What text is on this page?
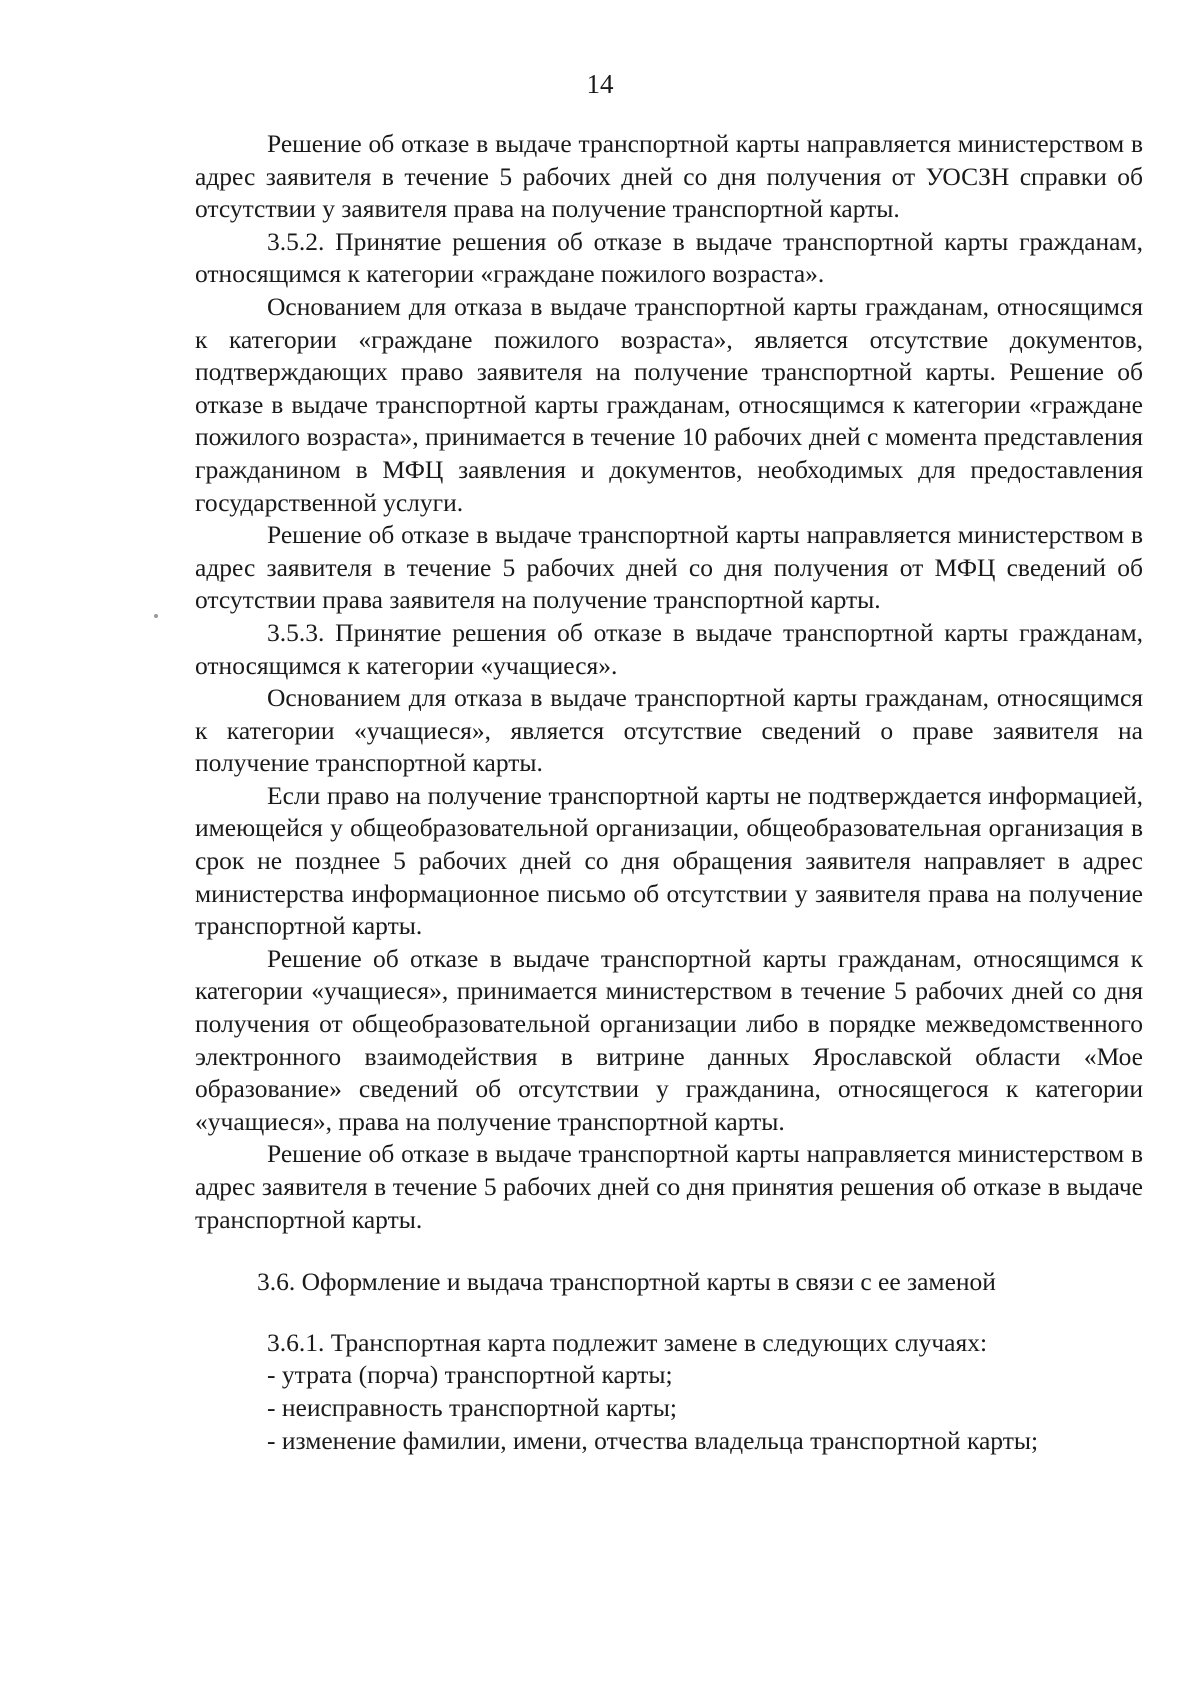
14

Решение об отказе в выдаче транспортной карты направляется министерством в адрес заявителя в течение 5 рабочих дней со дня получения от УОСЗН справки об отсутствии у заявителя права на получение транспортной карты.

3.5.2. Принятие решения об отказе в выдаче транспортной карты гражданам, относящимся к категории «граждане пожилого возраста».

Основанием для отказа в выдаче транспортной карты гражданам, относящимся к категории «граждане пожилого возраста», является отсутствие документов, подтверждающих право заявителя на получение транспортной карты. Решение об отказе в выдаче транспортной карты гражданам, относящимся к категории «граждане пожилого возраста», принимается в течение 10 рабочих дней с момента представления гражданином в МФЦ заявления и документов, необходимых для предоставления государственной услуги.

Решение об отказе в выдаче транспортной карты направляется министерством в адрес заявителя в течение 5 рабочих дней со дня получения от МФЦ сведений об отсутствии права заявителя на получение транспортной карты.

3.5.3. Принятие решения об отказе в выдаче транспортной карты гражданам, относящимся к категории «учащиеся».

Основанием для отказа в выдаче транспортной карты гражданам, относящимся к категории «учащиеся», является отсутствие сведений о праве заявителя на получение транспортной карты.

Если право на получение транспортной карты не подтверждается информацией, имеющейся у общеобразовательной организации, общеобразовательная организация в срок не позднее 5 рабочих дней со дня обращения заявителя направляет в адрес министерства информационное письмо об отсутствии у заявителя права на получение транспортной карты.

Решение об отказе в выдаче транспортной карты гражданам, относящимся к категории «учащиеся», принимается министерством в течение 5 рабочих дней со дня получения от общеобразовательной организации либо в порядке межведомственного электронного взаимодействия в витрине данных Ярославской области «Мое образование» сведений об отсутствии у гражданина, относящегося к категории «учащиеся», права на получение транспортной карты.

Решение об отказе в выдаче транспортной карты направляется министерством в адрес заявителя в течение 5 рабочих дней со дня принятия решения об отказе в выдаче транспортной карты.

3.6. Оформление и выдача транспортной карты в связи с ее заменой

3.6.1. Транспортная карта подлежит замене в следующих случаях:

- утрата (порча) транспортной карты;
- неисправность транспортной карты;
- изменение фамилии, имени, отчества владельца транспортной карты;
